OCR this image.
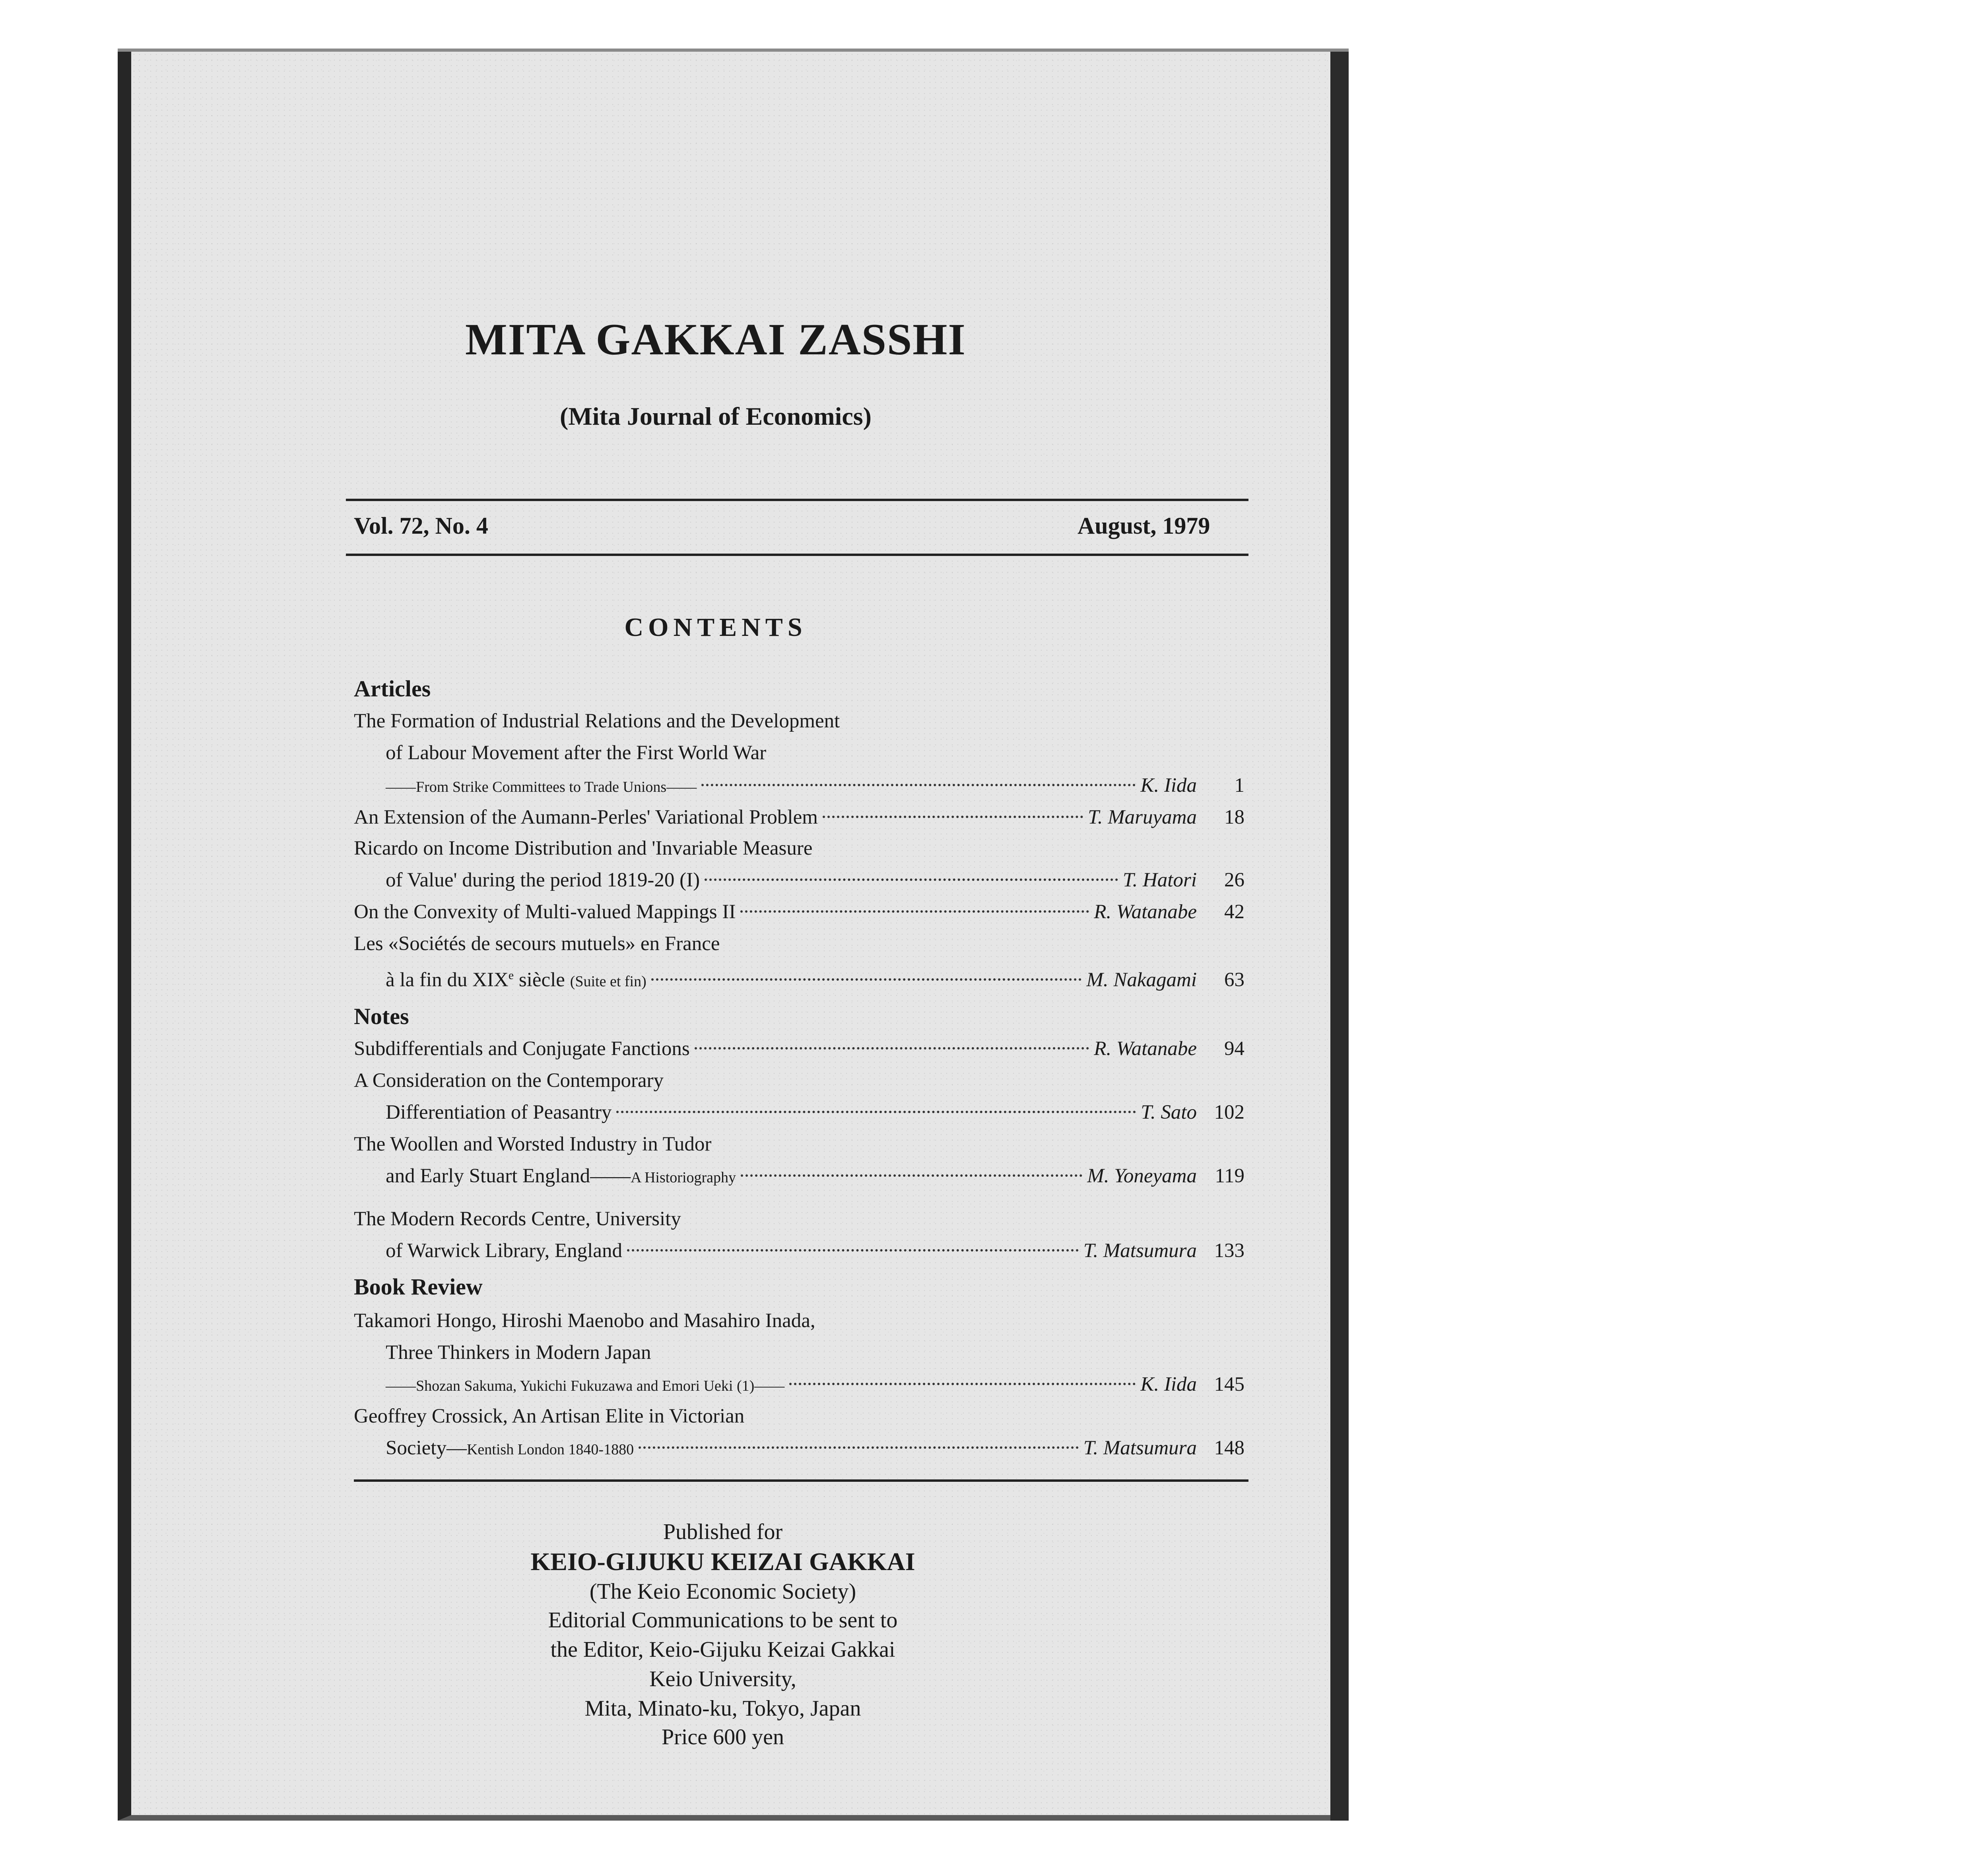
MITA GAKKAI ZASSHI
(Mita Journal of Economics)
Vol. 72, No. 4	August, 1979
CONTENTS
Articles
The Formation of Industrial Relations and the Development
of Labour Movement after the First World War
——From Strike Committees to Trade Unions——	K. Iida	1
An Extension of the Aumann-Perles' Variational Problem	T. Maruyama	18
Ricardo on Income Distribution and 'Invariable Measure
of Value' during the period 1819-20 (I)	T. Hatori	26
On the Convexity of Multi-valued Mappings II	R. Watanabe	42
Les «Sociétés de secours mutuels» en France
à la fin du XIXe siècle (Suite et fin)	M. Nakagami	63
Notes
Subdifferentials and Conjugate Fanctions	R. Watanabe	94
A Consideration on the Contemporary
Differentiation of Peasantry	T. Sato 102
The Woollen and Worsted Industry in Tudor
and Early Stuart England——A Historiography	M. Yoneyama 119
The Modern Records Centre, University
of Warwick Library, England	T. Matsumura 133
Book Review
Takamori Hongo, Hiroshi Maenobo and Masahiro Inada,
Three Thinkers in Modern Japan
——Shozan Sakuma, Yukichi Fukuzawa and Emori Ueki (1)——	K. Iida 145
Geoffrey Crossick, An Artisan Elite in Victorian
Society—Kentish London 1840-1880	T. Matsumura 148
Published for
KEIO-GIJUKU KEIZAI GAKKAI
(The Keio Economic Society)
Editorial Communications to be sent to
the Editor, Keio-Gijuku Keizai Gakkai
Keio University,
Mita, Minato-ku, Tokyo, Japan
Price 600 yen
